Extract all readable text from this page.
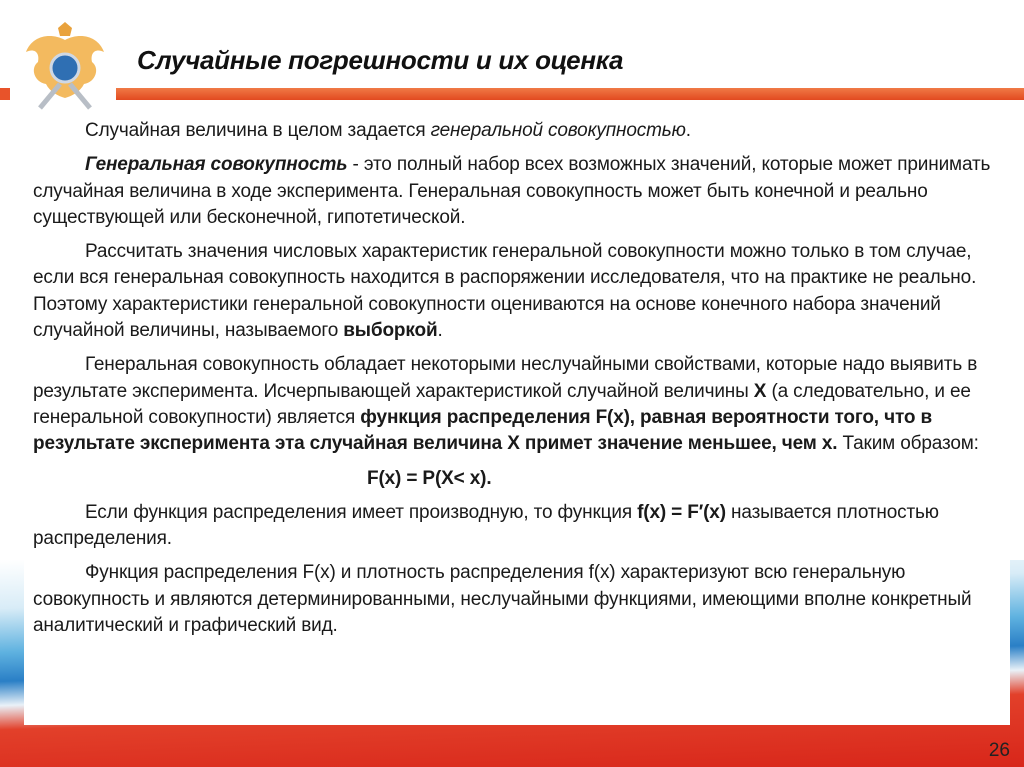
Случайные погрешности и их оценка

Случайная величина в целом задается генеральной совокупностью.

Генеральная совокупность - это полный набор всех возможных значений, которые может принимать случайная величина в ходе эксперимента. Генеральная совокупность может быть конечной и реально существующей или бесконечной, гипотетической.

Рассчитать значения числовых характеристик генеральной совокупности можно только в том случае, если вся генеральная совокупность находится в распоряжении исследователя, что на практике не реально. Поэтому характеристики генеральной совокупности оцениваются на основе конечного набора значений случайной величины, называемого выборкой.

Генеральная совокупность обладает некоторыми неслучайными свойствами, которые надо выявить в результате эксперимента. Исчерпывающей характеристикой случайной величины X (а следовательно, и ее генеральной совокупности) является функция распределения F(x), равная вероятности того, что в результате эксперимента эта случайная величина X примет значение меньшее, чем x. Таким образом:

F(x) = P(X< x).

Если функция распределения имеет производную, то функция f(x) = F′(x) называется плотностью распределения.

Функция распределения F(x) и плотность распределения f(x) характеризуют всю генеральную совокупность и являются детерминированными, неслучайными функциями, имеющими вполне конкретный аналитический и графический вид.

26
